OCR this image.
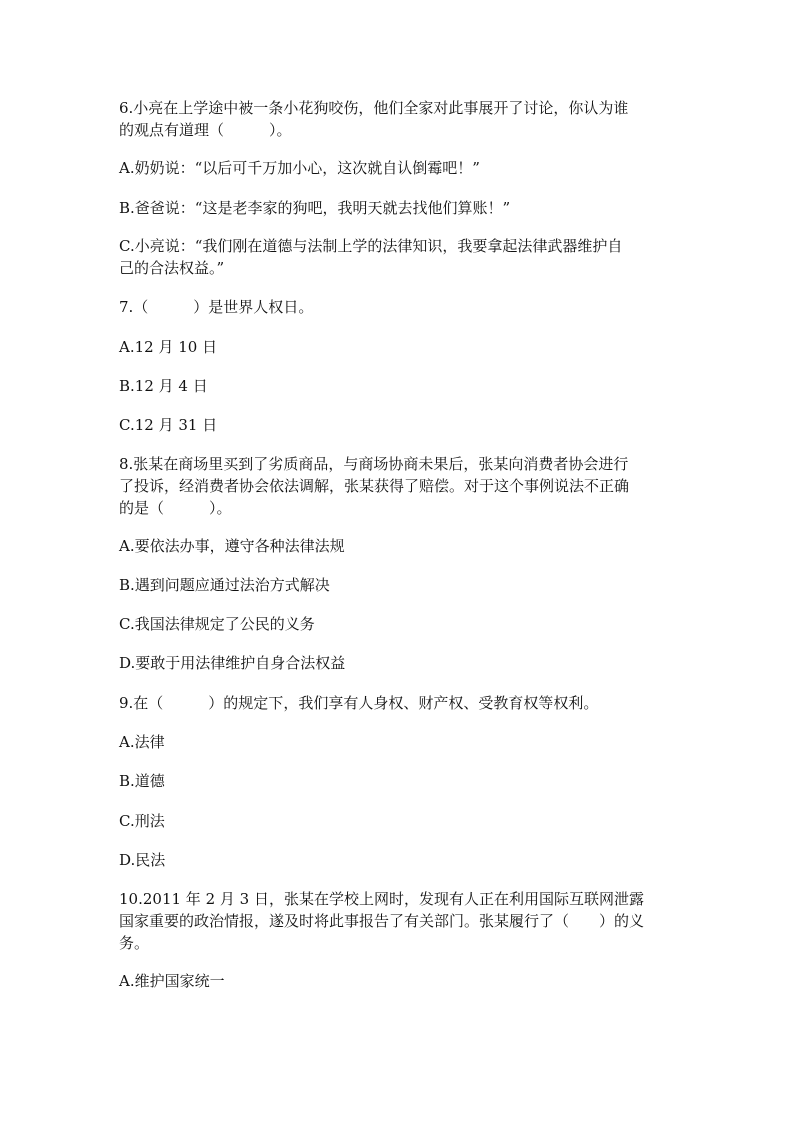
6.小亮在上学途中被一条小花狗咬伤，他们全家对此事展开了讨论，你认为谁
的观点有道理（　　　）。
A.奶奶说：“以后可千万加小心，这次就自认倒霉吧！”
B.爸爸说：“这是老李家的狗吧，我明天就去找他们算账！”
C.小亮说：“我们刚在道德与法制上学的法律知识，我要拿起法律武器维护自
己的合法权益。”
7.（　　　）是世界人权日。
A.12 月 10 日
B.12 月 4 日
C.12 月 31 日
8.张某在商场里买到了劣质商品，与商场协商未果后，张某向消费者协会进行
了投诉，经消费者协会依法调解，张某获得了赔偿。对于这个事例说法不正确
的是（　　　）。
A.要依法办事，遵守各种法律法规
B.遇到问题应通过法治方式解决
C.我国法律规定了公民的义务
D.要敢于用法律维护自身合法权益
9.在（　　　）的规定下，我们享有人身权、财产权、受教育权等权利。
A.法律
B.道德
C.刑法
D.民法
10.2011 年 2 月 3 日，张某在学校上网时，发现有人正在利用国际互联网泄露
国家重要的政治情报，遂及时将此事报告了有关部门。张某履行了（　　）的义
务。
A.维护国家统一
